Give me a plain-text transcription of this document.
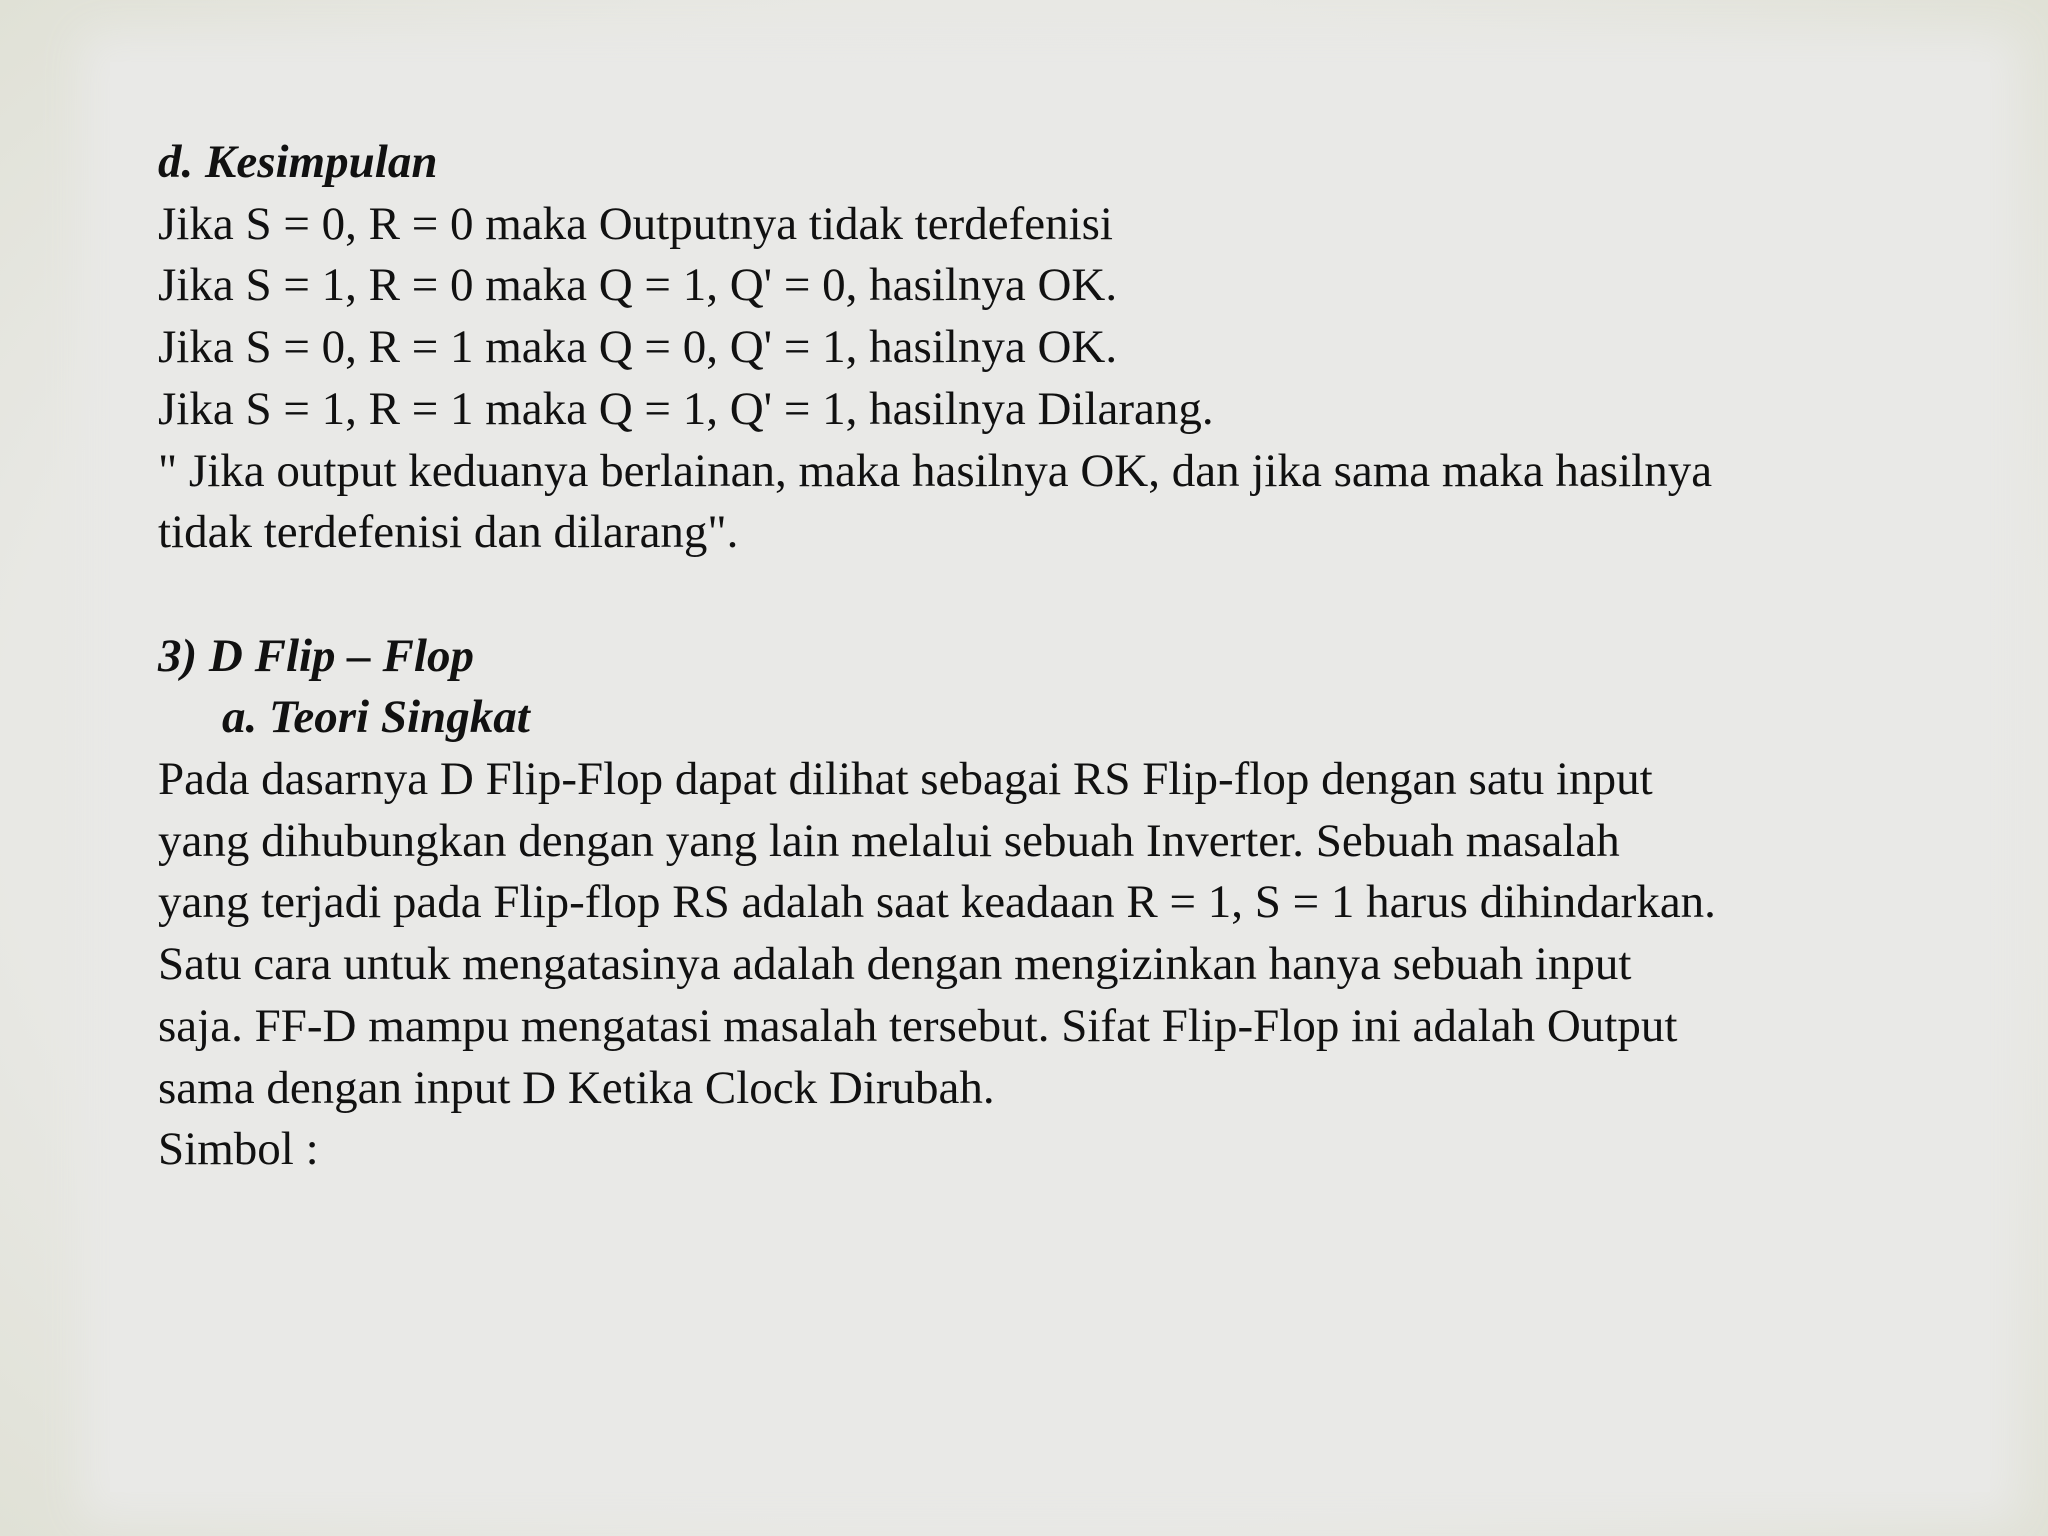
d. Kesimpulan
Jika S = 0, R = 0 maka Outputnya tidak terdefenisi
Jika S = 1, R = 0 maka Q = 1, Q' = 0, hasilnya OK.
Jika S = 0, R = 1 maka Q = 0, Q' = 1, hasilnya OK.
Jika S = 1, R = 1 maka Q = 1, Q' = 1, hasilnya Dilarang.
" Jika output keduanya berlainan, maka hasilnya OK, dan jika sama maka hasilnya
tidak terdefenisi dan dilarang".
3) D Flip – Flop
a. Teori Singkat
Pada dasarnya D Flip-Flop dapat dilihat sebagai RS Flip-flop dengan satu input
yang dihubungkan dengan yang lain melalui sebuah Inverter. Sebuah masalah
yang terjadi pada Flip-flop RS adalah saat keadaan R = 1, S = 1 harus dihindarkan.
Satu cara untuk mengatasinya adalah dengan mengizinkan hanya sebuah input
saja. FF-D mampu mengatasi masalah tersebut. Sifat Flip-Flop ini adalah Output
sama dengan input D Ketika Clock Dirubah.
Simbol :
